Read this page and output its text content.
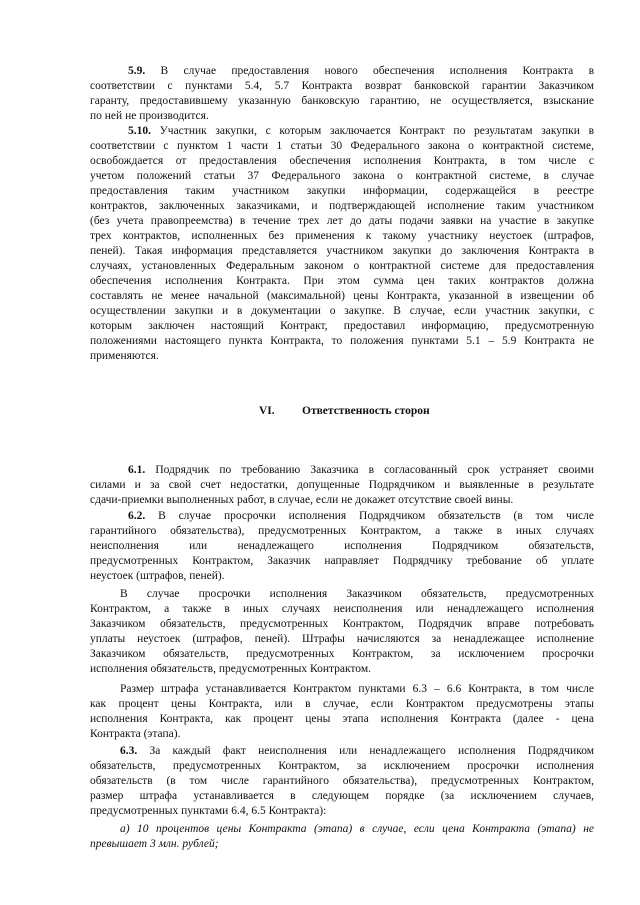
5.9. В случае предоставления нового обеспечения исполнения Контракта в
соответствии с пунктами 5.4, 5.7 Контракта возврат банковской гарантии Заказчиком
гаранту, предоставившему указанную банковскую гарантию, не осуществляется, взыскание
по ней не производится.
5.10. Участник закупки, с которым заключается Контракт по результатам закупки в
соответствии с пунктом 1 части 1 статьи 30 Федерального закона о контрактной системе,
освобождается от предоставления обеспечения исполнения Контракта, в том числе с
учетом положений статьи 37 Федерального закона о контрактной системе, в случае
предоставления таким участником закупки информации, содержащейся в реестре
контрактов, заключенных заказчиками, и подтверждающей исполнение таким участником
(без учета правопреемства) в течение трех лет до даты подачи заявки на участие в закупке
трех контрактов, исполненных без применения к такому участнику неустоек (штрафов,
пеней). Такая информация представляется участником закупки до заключения Контракта в
случаях, установленных Федеральным законом о контрактной системе для предоставления
обеспечения исполнения Контракта. При этом сумма цен таких контрактов должна
составлять не менее начальной (максимальной) цены Контракта, указанной в извещении об
осуществлении закупки и в документации о закупке. В случае, если участник закупки, с
которым заключен настоящий Контракт, предоставил информацию, предусмотренную
положениями настоящего пункта Контракта, то положения пунктами 5.1 – 5.9 Контракта не
применяются.
VI. Ответственность сторон
6.1. Подрядчик по требованию Заказчика в согласованный срок устраняет своими
силами и за свой счет недостатки, допущенные Подрядчиком и выявленные в результате
сдачи-приемки выполненных работ, в случае, если не докажет отсутствие своей вины.
6.2. В случае просрочки исполнения Подрядчиком обязательств (в том числе
гарантийного обязательства), предусмотренных Контрактом, а также в иных случаях
неисполнения или ненадлежащего исполнения Подрядчиком обязательств,
предусмотренных Контрактом, Заказчик направляет Подрядчику требование об уплате
неустоек (штрафов, пеней).
В случае просрочки исполнения Заказчиком обязательств, предусмотренных
Контрактом, а также в иных случаях неисполнения или ненадлежащего исполнения
Заказчиком обязательств, предусмотренных Контрактом, Подрядчик вправе потребовать
уплаты неустоек (штрафов, пеней). Штрафы начисляются за ненадлежащее исполнение
Заказчиком обязательств, предусмотренных Контрактом, за исключением просрочки
исполнения обязательств, предусмотренных Контрактом.
Размер штрафа устанавливается Контрактом пунктами 6.3 – 6.6 Контракта, в том числе
как процент цены Контракта, или в случае, если Контрактом предусмотрены этапы
исполнения Контракта, как процент цены этапа исполнения Контракта (далее - цена
Контракта (этапа).
6.3. За каждый факт неисполнения или ненадлежащего исполнения Подрядчиком
обязательств, предусмотренных Контрактом, за исключением просрочки исполнения
обязательств (в том числе гарантийного обязательства), предусмотренных Контрактом,
размер штрафа устанавливается в следующем порядке (за исключением случаев,
предусмотренных пунктами 6.4, 6.5 Контракта):
а) 10 процентов цены Контракта (этапа) в случае, если цена Контракта (этапа) не
превышает 3 млн. рублей;
